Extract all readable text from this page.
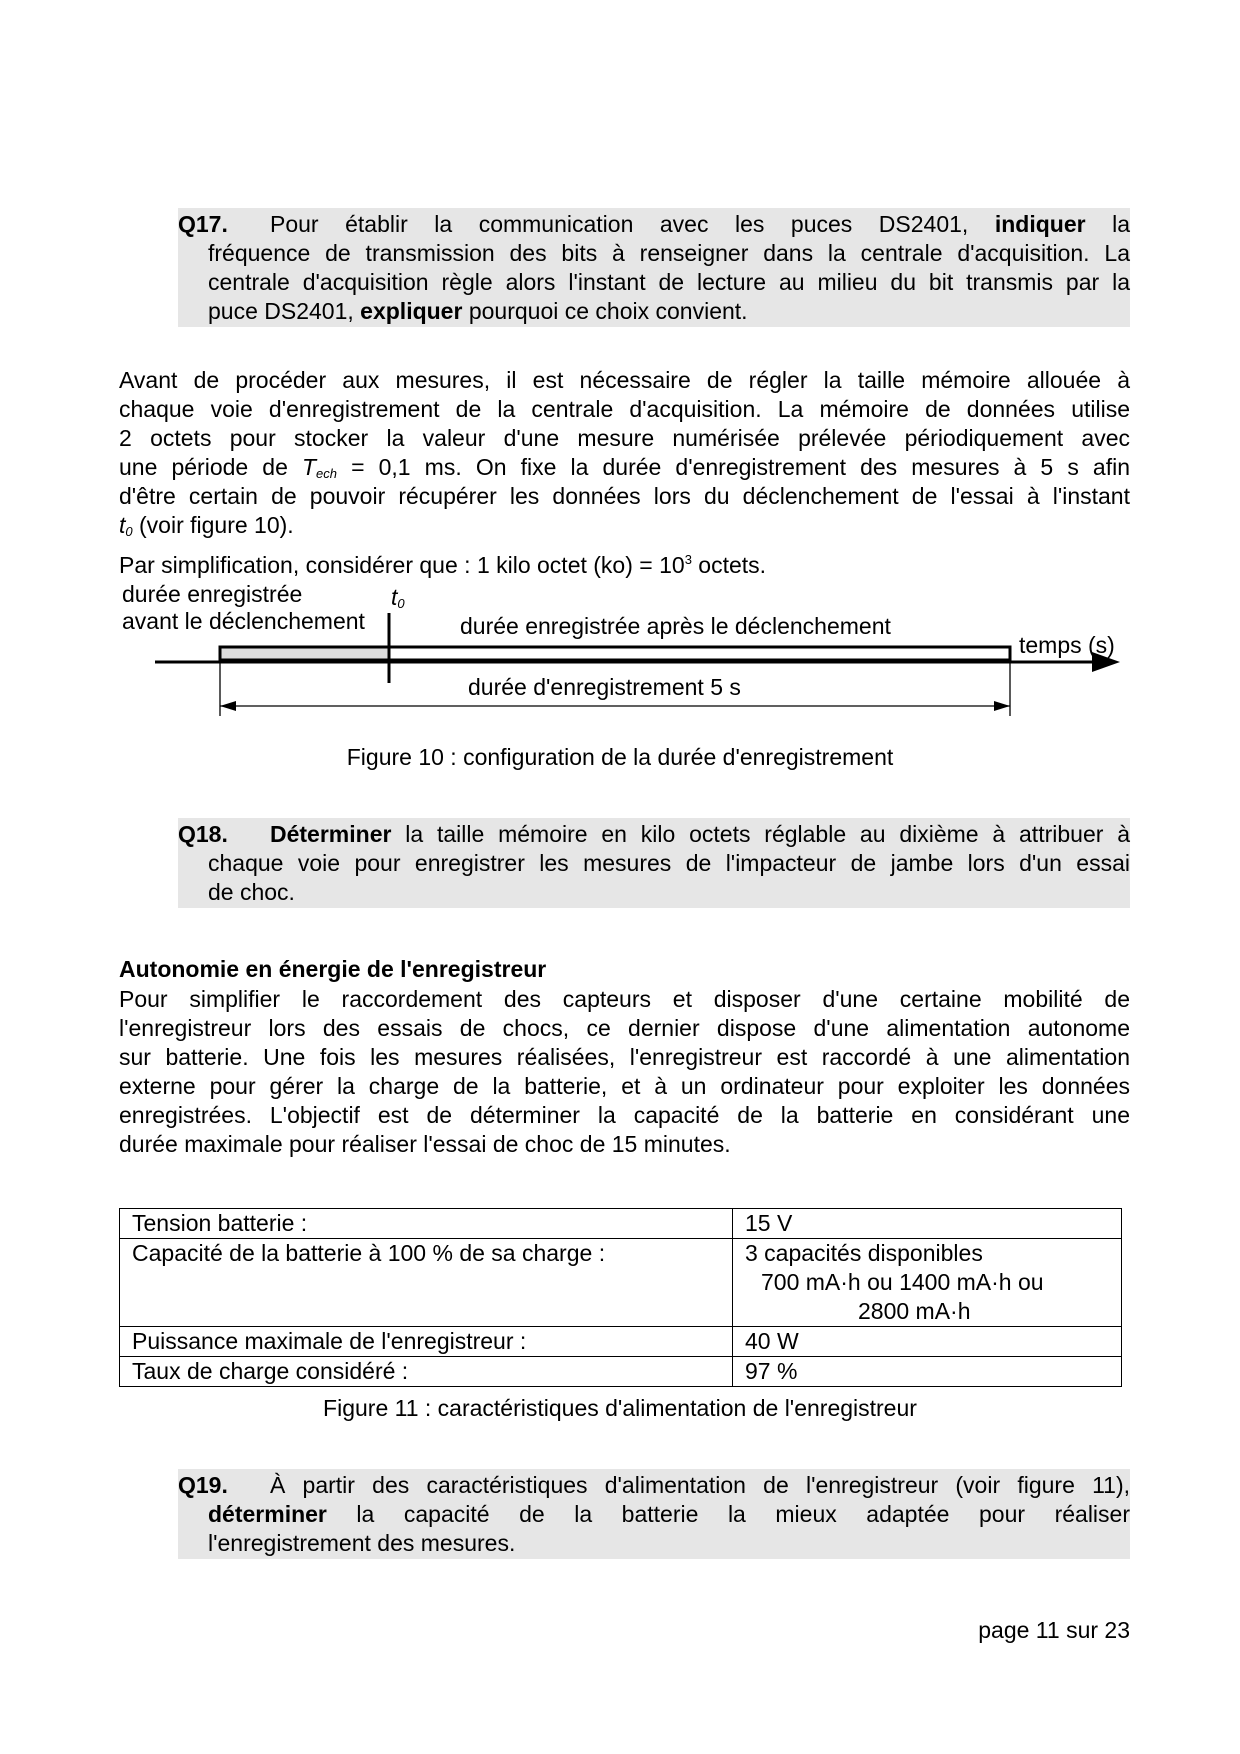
Q17. Pour établir la communication avec les puces DS2401, indiquer la
fréquence de transmission des bits à renseigner dans la centrale d'acquisition. La
centrale d'acquisition règle alors l'instant de lecture au milieu du bit transmis par la
puce DS2401, expliquer pourquoi ce choix convient.
Avant de procéder aux mesures, il est nécessaire de régler la taille mémoire allouée à
chaque voie d'enregistrement de la centrale d'acquisition. La mémoire de données utilise
2 octets pour stocker la valeur d'une mesure numérisée prélevée périodiquement avec
une période de $T_{ech} = 0,1$ ms. On fixe la durée d'enregistrement des mesures à 5 s afin
d'être certain de pouvoir récupérer les données lors du déclenchement de l'essai à l'instant
$t_0$ (voir figure 10).
Par simplification, considérer que : 1 kilo octet $(ko) = 10^3$ octets.
durée enregistrée
avant le déclenchement
$t_0$
durée enregistrée après le déclenchement
temps (s)
durée d'enregistrement 5 s
Figure 10 : configuration de la durée d'enregistrement
Q18. Déterminer la taille mémoire en kilo octets réglable au dixième à attribuer à
chaque voie pour enregistrer les mesures de l'impacteur de jambe lors d'un essai
de choc.
Autonomie en énergie de l'enregistreur
Pour simplifier le raccordement des capteurs et disposer d'une certaine mobilité de
l'enregistreur lors des essais de chocs, ce dernier dispose d'une alimentation autonome
sur batterie. Une fois les mesures réalisées, l'enregistreur est raccordé à une alimentation
externe pour gérer la charge de la batterie, et à un ordinateur pour exploiter les données
enregistrées. L'objectif est de déterminer la capacité de la batterie en considérant une
durée maximale pour réaliser l'essai de choc de 15 minutes.
Tension batterie :	15 V
Capacité de la batterie à 100 % de sa charge :	3 capacités disponibles
700 mA·h ou 1400 mA·h ou
2800 mA·h

Puissance maximale de l'enregistreur :	40 W
Taux de charge considéré :	97 %
Figure 11 : caractéristiques d'alimentation de l'enregistreur
Q19. À partir des caractéristiques d'alimentation de l'enregistreur (voir figure 11),
déterminer la capacité de la batterie la mieux adaptée pour réaliser
l'enregistrement des mesures.
page 11 sur 23
